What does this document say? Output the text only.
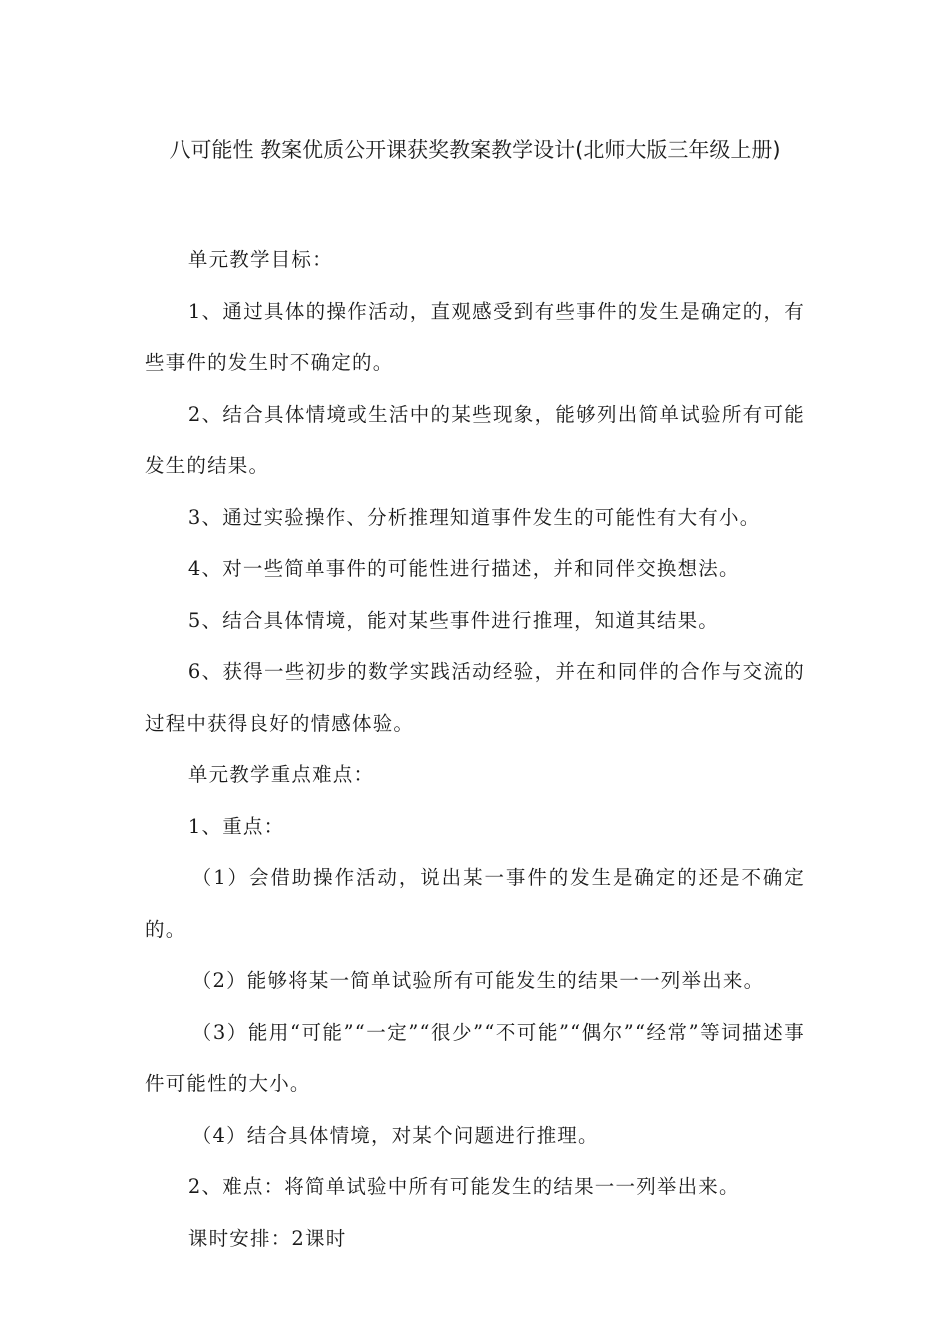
八可能性 教案优质公开课获奖教案教学设计(北师大版三年级上册)

单元教学目标：

1、通过具体的操作活动，直观感受到有些事件的发生是确定的，有些事件的发生时不确定的。

2、结合具体情境或生活中的某些现象，能够列出简单试验所有可能发生的结果。

3、通过实验操作、分析推理知道事件发生的可能性有大有小。

4、对一些简单事件的可能性进行描述，并和同伴交换想法。

5、结合具体情境，能对某些事件进行推理，知道其结果。

6、获得一些初步的数学实践活动经验，并在和同伴的合作与交流的过程中获得良好的情感体验。

单元教学重点难点：

1、重点：

（1）会借助操作活动，说出某一事件的发生是确定的还是不确定的。

（2）能够将某一简单试验所有可能发生的结果一一列举出来。

（3）能用“可能”“一定”“很少”“不可能”“偶尔”“经常”等词描述事件可能性的大小。

（4）结合具体情境，对某个问题进行推理。

2、难点：将简单试验中所有可能发生的结果一一列举出来。

课时安排：2课时
